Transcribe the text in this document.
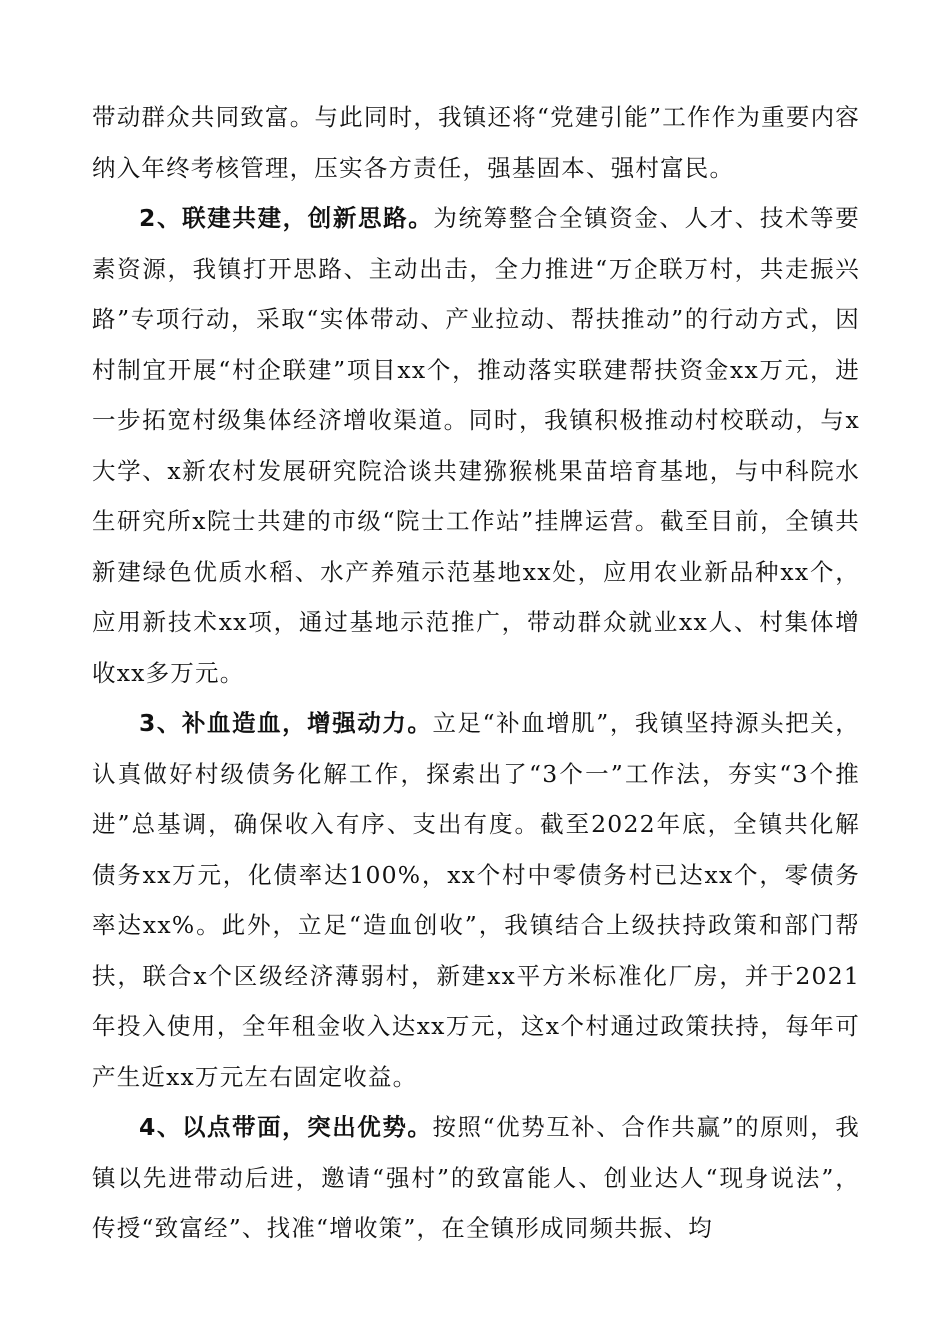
带动群众共同致富。与此同时，我镇还将“党建引能”工作作为重要内容纳入年终考核管理，压实各方责任，强基固本、强村富民。

2、联建共建，创新思路。为统筹整合全镇资金、人才、技术等要素资源，我镇打开思路、主动出击，全力推进“万企联万村，共走振兴路”专项行动，采取“实体带动、产业拉动、帮扶推动”的行动方式，因村制宜开展“村企联建”项目xx个，推动落实联建帮扶资金xx万元，进一步拓宽村级集体经济增收渠道。同时，我镇积极推动村校联动，与x大学、x新农村发展研究院洽谈共建猕猴桃果苗培育基地，与中科院水生研究所x院士共建的市级“院士工作站”挂牌运营。截至目前，全镇共新建绿色优质水稻、水产养殖示范基地xx处，应用农业新品种xx个，应用新技术xx项，通过基地示范推广，带动群众就业xx人、村集体增收xx多万元。

3、补血造血，增强动力。立足“补血增肌”，我镇坚持源头把关，认真做好村级债务化解工作，探索出了“3个一”工作法，夯实“3个推进”总基调，确保收入有序、支出有度。截至2022年底，全镇共化解债务xx万元，化债率达100%，xx个村中零债务村已达xx个，零债务率达xx%。此外，立足“造血创收”，我镇结合上级扶持政策和部门帮扶，联合x个区级经济薄弱村，新建xx平方米标准化厂房，并于2021年投入使用，全年租金收入达xx万元，这x个村通过政策扶持，每年可产生近xx万元左右固定收益。

4、以点带面，突出优势。按照“优势互补、合作共赢”的原则，我镇以先进带动后进，邀请“强村”的致富能人、创业达人“现身说法”，传授“致富经”、找准“增收策”，在全镇形成同频共振、均
